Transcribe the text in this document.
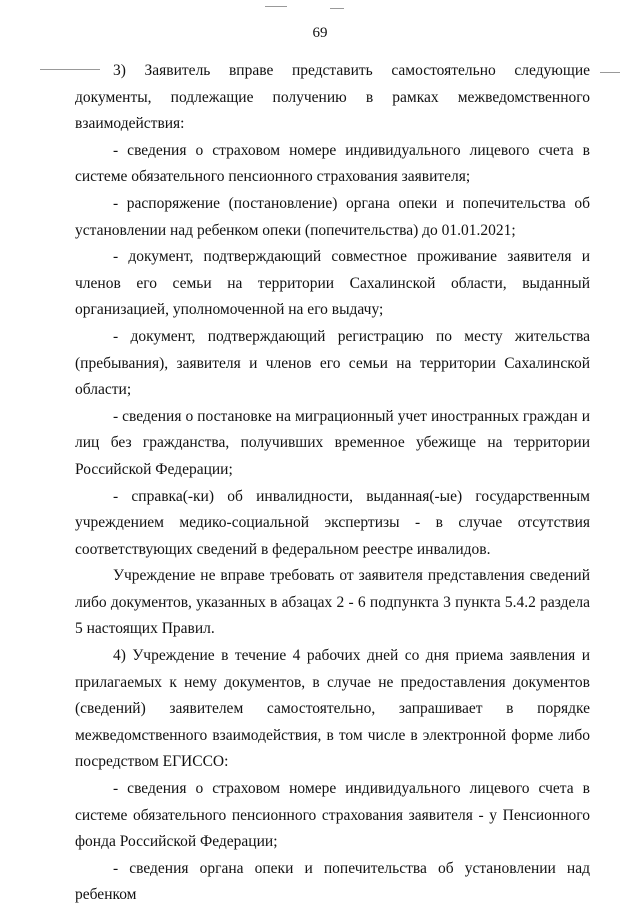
69

3) Заявитель вправе представить самостоятельно следующие документы, подлежащие получению в рамках межведомственного взаимодействия:

- сведения о страховом номере индивидуального лицевого счета в системе обязательного пенсионного страхования заявителя;

- распоряжение (постановление) органа опеки и попечительства об установлении над ребенком опеки (попечительства) до 01.01.2021;

- документ, подтверждающий совместное проживание заявителя и членов его семьи на территории Сахалинской области, выданный организацией, уполномоченной на его выдачу;

- документ, подтверждающий регистрацию по месту жительства (пребывания), заявителя и членов его семьи на территории Сахалинской области;

- сведения о постановке на миграционный учет иностранных граждан и лиц без гражданства, получивших временное убежище на территории Российской Федерации;

- справка(-ки) об инвалидности, выданная(-ые) государственным учреждением медико-социальной экспертизы - в случае отсутствия соответствующих сведений в федеральном реестре инвалидов.

Учреждение не вправе требовать от заявителя представления сведений либо документов, указанных в абзацах 2 - 6 подпункта 3 пункта 5.4.2 раздела 5 настоящих Правил.

4) Учреждение в течение 4 рабочих дней со дня приема заявления и прилагаемых к нему документов, в случае не предоставления документов (сведений) заявителем самостоятельно, запрашивает в порядке межведомственного взаимодействия, в том числе в электронной форме либо посредством ЕГИССО:

- сведения о страховом номере индивидуального лицевого счета в системе обязательного пенсионного страхования заявителя - у Пенсионного фонда Российской Федерации;

- сведения органа опеки и попечительства об установлении над ребенком
